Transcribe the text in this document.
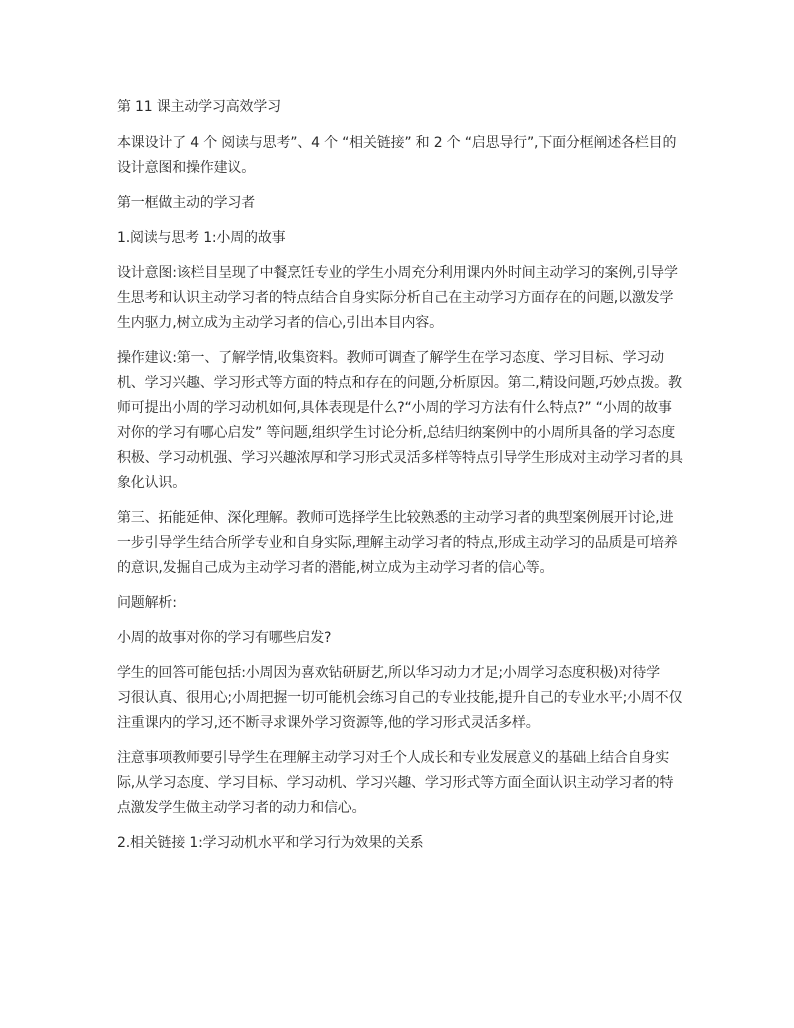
第 11 课主动学习高效学习

本课设计了 4 个 阅读与思考”、4 个 “相关链接” 和 2 个 “启思导行”,下面分框阐述各栏目的设计意图和操作建议。

第一框做主动的学习者

1.阅读与思考 1:小周的故事

设计意图:该栏目呈现了中餐烹饪专业的学生小周充分利用课内外时间主动学习的案例,引导学生思考和认识主动学习者的特点结合自身实际分析自己在主动学习方面存在的问题,以激发学生内驱力,树立成为主动学习者的信心,引出本目内容。

操作建议:第一、了解学情,收集资料。教师可调查了解学生在学习态度、学习目标、学习动机、学习兴趣、学习形式等方面的特点和存在的问题,分析原因。第二,精设问题,巧妙点拨。教师可提出小周的学习动机如何,具体表现是什么?“小周的学习方法有什么特点?” “小周的故事对你的学习有哪心启发” 等问题,组织学生讨论分析,总结归纳案例中的小周所具备的学习态度积极、学习动机强、学习兴趣浓厚和学习形式灵活多样等特点引导学生形成对主动学习者的具象化认识。

第三、拓能延伸、深化理解。教师可选择学生比较熟悉的主动学习者的典型案例展开讨论,进一步引导学生结合所学专业和自身实际,理解主动学习者的特点,形成主动学习的品质是可培养的意识,发掘自己成为主动学习者的潜能,树立成为主动学习者的信心等。

问题解析:

小周的故事对你的学习有哪些启发?

学生的回答可能包括:小周因为喜欢钻研厨艺,所以华习动力才足;小周学习态度积极)对待学

习很认真、很用心;小周把握一切可能机会练习自己的专业技能,提升自己的专业水平;小周不仅注重课内的学习,还不断寻求课外学习资源等,他的学习形式灵活多样。

注意事项教师要引导学生在理解主动学习对壬个人成长和专业发展意义的基础上结合自身实际,从学习态度、学习目标、学习动机、学习兴趣、学习形式等方面全面认识主动学习者的特点激发学生做主动学习者的动力和信心。

2.相关链接 1:学习动机水平和学习行为效果的关系
